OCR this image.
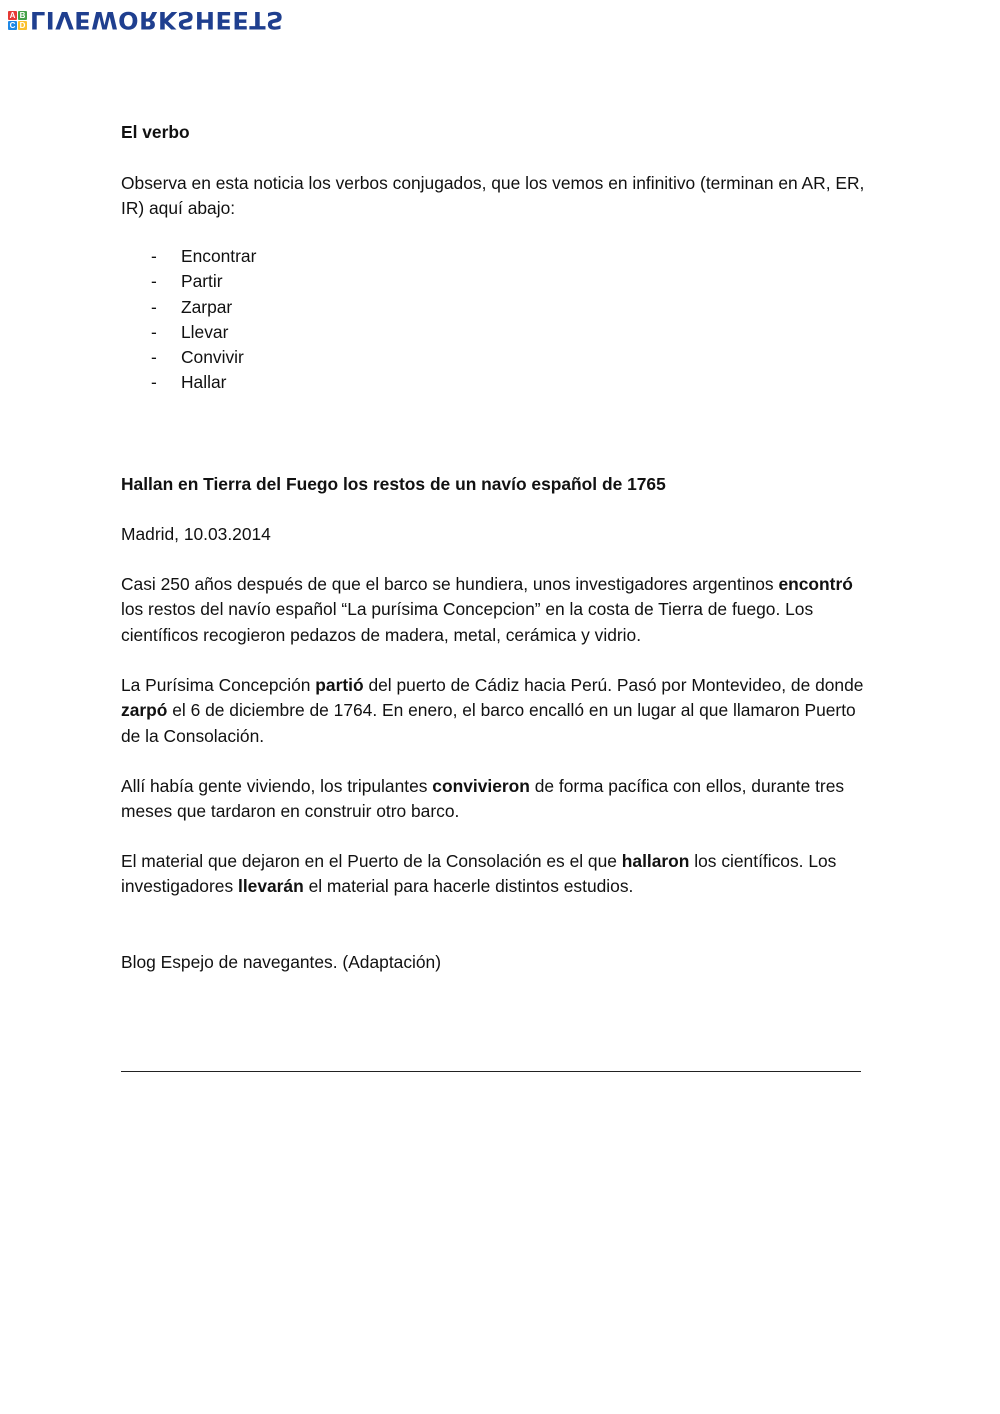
A B
C D LIVEWORKSHEETS

El verbo

Observa en esta noticia los verbos conjugados, que los vemos en infinitivo (terminan en AR, ER, IR) aquí abajo:

-	Encontrar
-	Partir
-	Zarpar
-	Llevar
-	Convivir
-	Hallar

Hallan en Tierra del Fuego los restos de un navío español de 1765

Madrid, 10.03.2014

Casi 250 años después de que el barco se hundiera, unos investigadores argentinos encontró los restos del navío español “La purísima Concepcion” en la costa de Tierra de fuego. Los científicos recogieron pedazos de madera, metal, cerámica y vidrio.

La Purísima Concepción partió del puerto de Cádiz hacia Perú. Pasó por Montevideo, de donde zarpó el 6 de diciembre de 1764. En enero, el barco encalló en un lugar al que llamaron Puerto de la Consolación.

Allí había gente viviendo, los tripulantes convivieron de forma pacífica con ellos, durante tres meses que tardaron en construir otro barco.

El material que dejaron en el Puerto de la Consolación es el que hallaron los científicos. Los investigadores llevarán el material para hacerle distintos estudios.

Blog Espejo de navegantes. (Adaptación)
